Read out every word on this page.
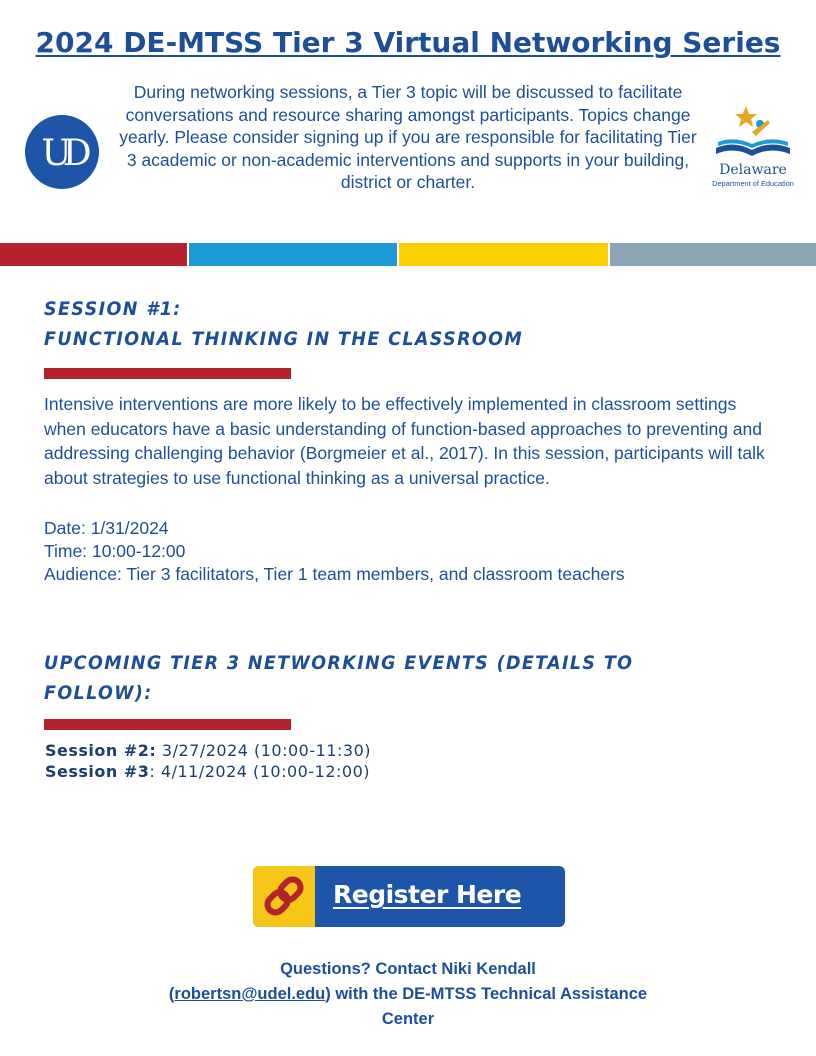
2024 DE-MTSS Tier 3 Virtual Networking Series
During networking sessions, a Tier 3 topic will be discussed to facilitate conversations and resource sharing amongst participants. Topics change yearly. Please consider signing up if you are responsible for facilitating Tier 3 academic or non-academic interventions and supports in your building, district or charter.
UD	Delaware
Department of Education
SESSION #1:
FUNCTIONAL THINKING IN THE CLASSROOM
Intensive interventions are more likely to be effectively implemented in classroom settings when educators have a basic understanding of function-based approaches to preventing and addressing challenging behavior (Borgmeier et al., 2017). In this session, participants will talk about strategies to use functional thinking as a universal practice.
Date: 1/31/2024
Time: 10:00-12:00
Audience: Tier 3 facilitators, Tier 1 team members, and classroom teachers
UPCOMING TIER 3 NETWORKING EVENTS (DETAILS TO
FOLLOW):
Session #2: 3/27/2024 (10:00-11:30)
Session #3: 4/11/2024 (10:00-12:00)
Register Here
Questions? Contact Niki Kendall
(robertsn@udel.edu) with the DE-MTSS Technical Assistance Center
